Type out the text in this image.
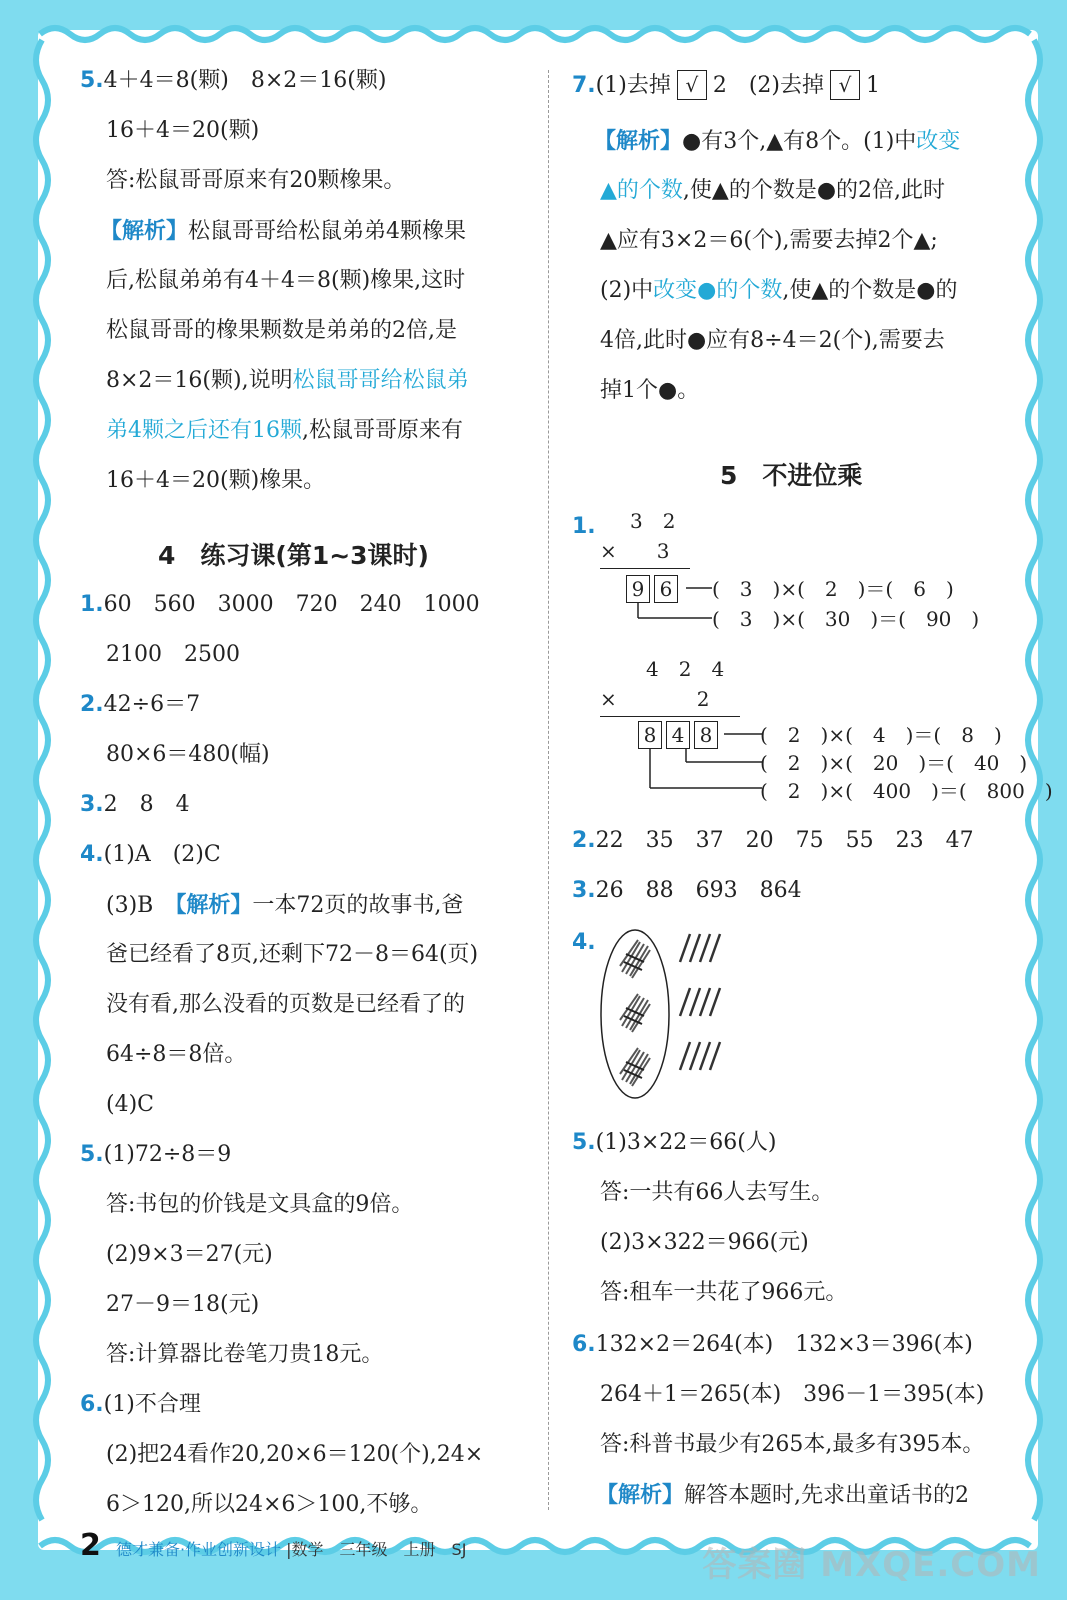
5.4＋4＝8(颗)　8×2＝16(颗)
16＋4＝20(颗)
答:松鼠哥哥原来有20颗橡果。
【解析】松鼠哥哥给松鼠弟弟4颗橡果
后,松鼠弟弟有4＋4＝8(颗)橡果,这时
松鼠哥哥的橡果颗数是弟弟的2倍,是
8×2＝16(颗),说明松鼠哥哥给松鼠弟
弟4颗之后还有16颗,松鼠哥哥原来有
16＋4＝20(颗)橡果。
4　练习课(第1~3课时)
1.60　560　3000　720　240　1000
2100　2500
2.42÷6＝7
80×6＝480(幅)
3.2　8　4
4.(1)A　(2)C
(3)B　 【解析】一本72页的故事书,爸
爸已经看了8页,还剩下72－8＝64(页)
没有看,那么没看的页数是已经看了的
64÷8＝8倍。
(4)C
5.(1)72÷8＝9
答:书包的价钱是文具盒的9倍。
(2)9×3＝27(元)
27－9＝18(元)
答:计算器比卷笔刀贵18元。
6.(1)不合理
(2)把24看作20,20×6＝120(个),24×
6＞120,所以24×6＞100,不够。
7.(1)去掉 √ 2　(2)去掉 √ 1
【解析】●有3个,▲有8个。(1)中改变
▲的个数,使▲的个数是●的2倍,此时
▲应有3×2＝6(个),需要去掉2个▲;
(2)中改变●的个数,使▲的个数是●的
4倍,此时●应有8÷4＝2(个),需要去
掉1个●。
5　不进位乘
1. 3　2
×　　3
9 6	(　3　)×(　2　)＝(　6　)
(　3　)×(　30　)＝(　90　)
4　2　4
×　　　　2
8 4 8	(　2　)×(　4　)＝(　8　)
(　2　)×(　20　)＝(　40　)
(　2　)×(　400　)＝(　800　)
2.22　35　37　20　75　55　23　47
3.26　88　693　864
4.
5.(1)3×22＝66(人)
答:一共有66人去写生。
(2)3×322＝966(元)
答:租车一共花了966元。
6.132×2＝264(本)　132×3＝396(本)
264＋1＝265(本)　396－1＝395(本)
答:科普书最少有265本,最多有395本。
【解析】解答本题时,先求出童话书的2
2 德才兼备·作业创新设计 |数学　三年级　上册　SJ	答案圈 MXQE.COM
